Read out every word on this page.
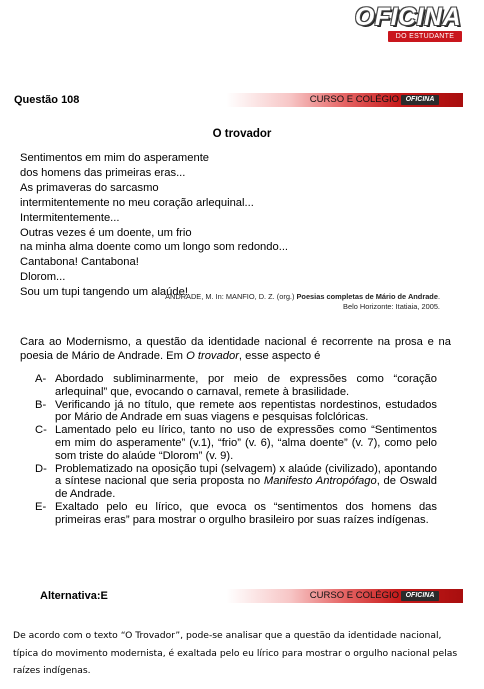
OFICINA
DO ESTUDANTE
Questão 108	CURSO E COLÉGIO OFICINA
O trovador
Sentimentos em mim do asperamente
dos homens das primeiras eras...
As primaveras do sarcasmo
intermitentemente no meu coração arlequinal...
Intermitentemente...
Outras vezes é um doente, um frio
na minha alma doente como um longo som redondo...
Cantabona! Cantabona!
Dlorom...
Sou um tupi tangendo um alaúde!
ANDRADE, M. In: MANFIO, D. Z. (org.) Poesias completas de Mário de Andrade.
Belo Horizonte: Itatiaia, 2005.
Cara ao Modernismo, a questão da identidade nacional é recorrente na prosa e na poesia de Mário de Andrade. Em O trovador, esse aspecto é
A- Abordado subliminarmente, por meio de expressões como “coração arlequinal” que, evocando o carnaval, remete à brasilidade.
B- Verificando já no título, que remete aos repentistas nordestinos, estudados por Mário de Andrade em suas viagens e pesquisas folclóricas.
C- Lamentado pelo eu lírico, tanto no uso de expressões como “Sentimentos em mim do asperamente” (v.1), “frio” (v. 6), “alma doente” (v. 7), como pelo som triste do alaúde “Dlorom” (v. 9).
D- Problematizado na oposição tupi (selvagem) x alaúde (civilizado), apontando a síntese nacional que seria proposta no Manifesto Antropófago, de Oswald de Andrade.
E- Exaltado pelo eu lírico, que evoca os “sentimentos dos homens das primeiras eras” para mostrar o orgulho brasileiro por suas raízes indígenas.
Alternativa:E	CURSO E COLÉGIO OFICINA
De acordo com o texto “O Trovador”, pode-se analisar que a questão da identidade nacional,
típica do movimento modernista, é exaltada pelo eu lírico para mostrar o orgulho nacional pelas
raízes indígenas.
